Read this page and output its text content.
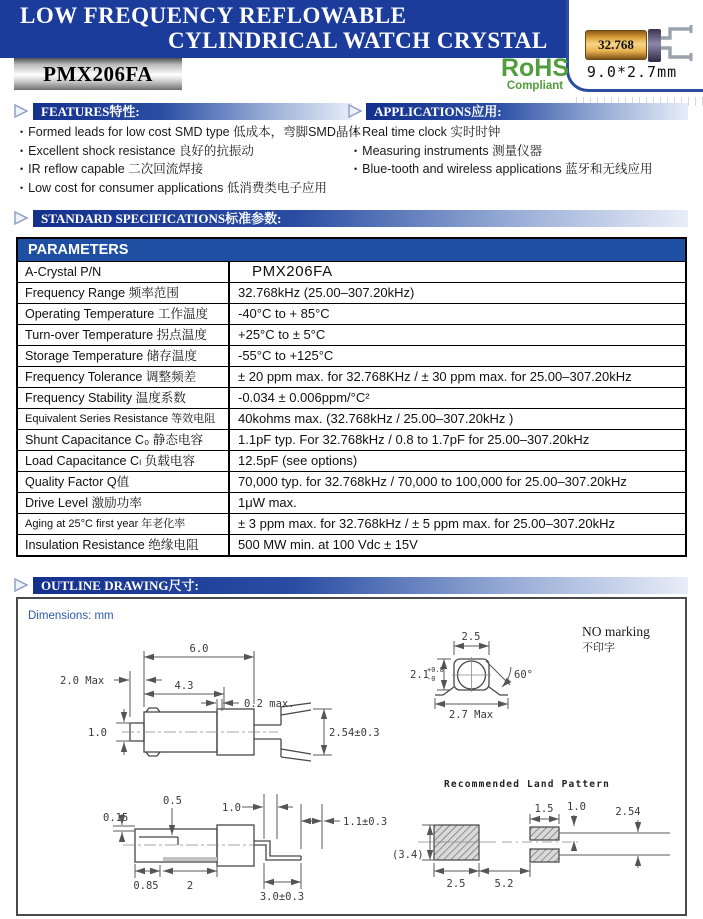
LOW FREQUENCY REFLOWABLE
CYLINDRICAL WATCH CRYSTAL	32.768
9.0*2.7mm
PMX206FA	RoHS
Compliant
FEATURES特性:
• Formed leads for low cost SMD type 低成本，弯脚SMD晶体
• Excellent shock resistance 良好的抗振动
• IR reflow capable 二次回流焊接
• Low cost for consumer applications 低消费类电子应用
APPLICATIONS应用:
• Real time clock 实时时钟
• Measuring instruments 测量仪器
• Blue-tooth and wireless applications 蓝牙和无线应用
STANDARD SPECIFICATIONS标准参数:
PARAMETERS
A-Crystal P/N	PMX206FA
Frequency Range 频率范围	32.768kHz (25.00–307.20kHz)
Operating Temperature 工作温度	-40°C to + 85°C
Turn-over Temperature 拐点温度	+25°C to ± 5°C
Storage Temperature 储存温度	-55°C to +125°C
Frequency Tolerance 调整频差	± 20 ppm max. for 32.768KHz / ± 30 ppm max. for 25.00–307.20kHz
Frequency Stability 温度系数	-0.034 ± 0.006ppm/°C²
Equivalent Series Resistance 等效电阻	40kohms max. (32.768kHz / 25.00–307.20kHz )
Shunt Capacitance C₀ 静态电容	1.1pF typ. For 32.768kHz / 0.8 to 1.7pF for 25.00–307.20kHz
Load Capacitance Cₗ 负载电容	12.5pF (see options)
Quality Factor Q值	70,000 typ. for 32.768kHz / 70,000 to 100,000 for 25.00–307.20kHz
Drive Level 激励功率	1μW max.
Aging at 25°C first year 年老化率	± 3 ppm max. for 32.768kHz / ± 5 ppm max. for 25.00–307.20kHz
Insulation Resistance 绝缘电阻	500 MW min. at 100 Vdc ± 15V
OUTLINE DRAWING尺寸:
Dimensions: mm
6.0
2.0 Max	4.3
0.2 max.
1.0	2.54±0.3
2.5
2.1
+0.8
-0	60°
2.7 Max
NO marking
不印字
0.5
0.15
1.0
1.1±0.3
0.85	2
3.0±0.3
Recommended Land Pattern
(3.4)
2.5	5.2
1.5 1.0	2.54
